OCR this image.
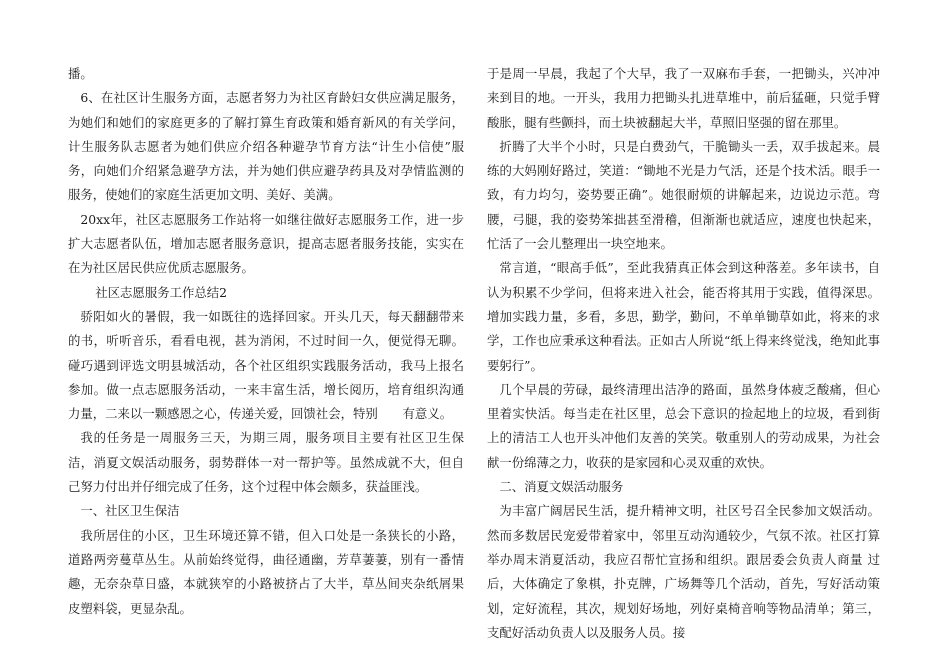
播。

6、在社区计生服务方面，志愿者努力为社区育龄妇女供应满足服务，为她们和她们的家庭更多的了解打算生育政策和婚育新风的有关学问，计生服务队志愿者为她们供应介绍各种避孕节育方法“计生小信使”服务，向她们介绍紧急避孕方法，并为她们供应避孕药具及对孕情监测的服务，使她们的家庭生活更加文明、美好、美满。

20xx年，社区志愿服务工作站将一如继往做好志愿服务工作，进一步扩大志愿者队伍，增加志愿者服务意识，提高志愿者服务技能，实实在在为社区居民供应优质志愿服务。

社区志愿服务工作总结2

骄阳如火的暑假，我一如既往的选择回家。开头几天，每天翻翻带来的书，听听音乐，看看电视，甚为消闲，不过时间一久，便觉得无聊。碰巧遇到评选文明县城活动，各个社区组织实践服务活动，我马上报名参加。做一点志愿服务活动，一来丰富生活，增长阅历，培育组织沟通力量，二来以一颗感恩之心，传递关爱，回馈社会，特别　　有意义。

我的任务是一周服务三天，为期三周，服务项目主要有社区卫生保洁，消夏文娱活动服务，弱势群体一对一帮护等。虽然成就不大，但自己努力付出并仔细完成了任务，这个过程中体会颇多，获益匪浅。

一、社区卫生保洁

我所居住的小区，卫生环境还算不错，但入口处是一条狭长的小路，道路两旁蔓草丛生。从前始终觉得，曲径通幽，芳草萋萋，别有一番情趣，无奈杂草日盛，本就狭窄的小路被挤占了大半，草丛间夹杂纸屑果皮塑料袋，更显杂乱。

于是周一早晨，我起了个大早，我了一双麻布手套，一把锄头，兴冲冲来到目的地。一开头，我用力把锄头扎进草堆中，前后猛砸，只觉手臂酸胀，腿有些颤抖，而土块被翻起大半，草照旧坚强的留在那里。

折腾了大半个小时，只是白费劲气，干脆锄头一丢，双手拔起来。晨练的大妈刚好路过，笑道：“锄地不光是力气活，还是个技术活。眼手一致，有力均匀，姿势要正确”。她很耐烦的讲解起来，边说边示范。弯腰，弓腿，我的姿势笨拙甚至滑稽，但渐渐也就适应，速度也快起来，忙活了一会儿整理出一块空地来。

常言道，“眼高手低”，至此我猜真正体会到这种落差。多年读书，自认为积累不少学问，但将来进入社会，能否将其用于实践，值得深思。增加实践力量，多看，多思，勤学，勤问，不单单锄草如此，将来的求学，工作也应秉承这种看法。正如古人所说“纸上得来终觉浅，绝知此事要躬行”。

几个早晨的劳碌，最终清理出洁净的路面，虽然身体疲乏酸痛，但心里着实快活。每当走在社区里，总会下意识的捡起地上的垃圾，看到街上的清洁工人也开头冲他们友善的笑笑。敬重别人的劳动成果，为社会献一份绵薄之力，收获的是家园和心灵双重的欢快。

二、消夏文娱活动服务

为丰富广阔居民生活，提升精神文明，社区号召全民参加文娱活动。然而多数居民宠爱带着家中，邻里互动沟通较少，气氛不浓。社区打算举办周末消夏活动，我应召帮忙宣扬和组织。跟居委会负责人商量 过后，大体确定了象棋，扑克牌，广场舞等几个活动，首先，写好活动策划，定好流程，其次，规划好场地，列好桌椅音响等物品清单；第三，支配好活动负责人以及服务人员。接
